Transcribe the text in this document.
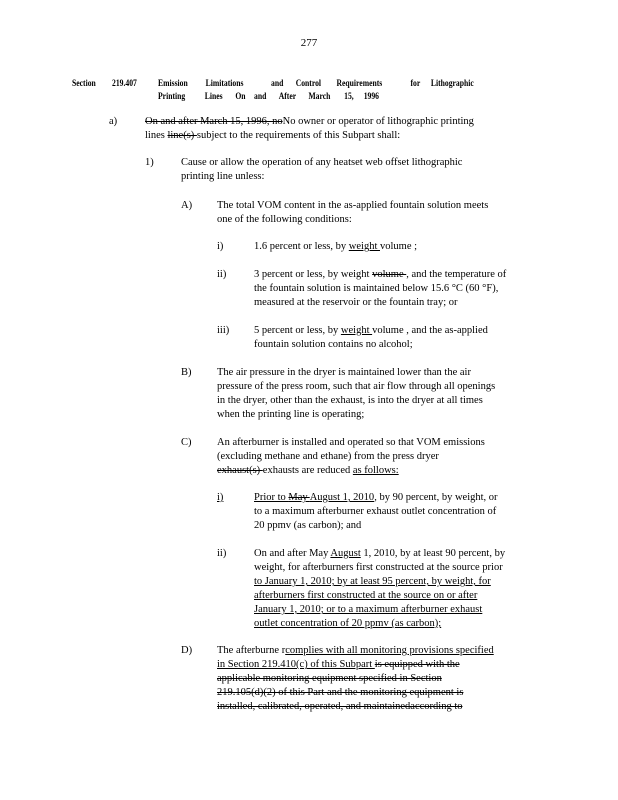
277
Section 219.407 Emission Limitations	and Control Requirements	for Lithographic
Printing Lines On and After March 15, 1996
a)	On and after March 15, 1996, noNo owner or operator of lithographic printing
lines line(s) subject to the requirements of this Subpart shall:
1)	Cause or allow the operation of any heatset web offset lithographic
printing line unless:
A) The total VOM content in the as-applied fountain solution meets
one of the following conditions:
i)	1.6 percent or less, by weight volume ;
ii)	3 percent or less, by weight volume , and the temperature of
the fountain solution is maintained below 15.6 °C (60 °F),
measured at the reservoir or the fountain tray; or
iii) 5 percent or less, by weight volume , and the as-applied
fountain solution contains no alcohol;
B) The air pressure in the dryer is maintained lower than the air
pressure of the press room, such that air flow through all openings
in the dryer, other than the exhaust, is into the dryer at all times
when the printing line is operating;
C) An afterburner is installed and operated so that VOM emissions
(excluding methane and ethane) from the press dryer
exhaust(s) exhausts are reduced as follows:
i)	Prior to May August 1, 2010, by 90 percent, by weight, or
to a maximum afterburner exhaust outlet concentration of
20 ppmv (as carbon); and
ii)	On and after May August 1, 2010, by at least 90 percent, by
weight, for afterburners first constructed at the source prior
to January 1, 2010; by at least 95 percent, by weight, for
afterburners first constructed at the source on or after
January 1, 2010; or to a maximum afterburner exhaust
outlet concentration of 20 ppmv (as carbon);
D) The afterburne rcomplies with all monitoring provisions specified
in Section 219.410(c) of this Subpart is equipped with the
applicable monitoring equipment specified in Section
219.105(d)(2) of this Part and the monitoring equipment is
installed, calibrated, operated, and maintainedaccording to
